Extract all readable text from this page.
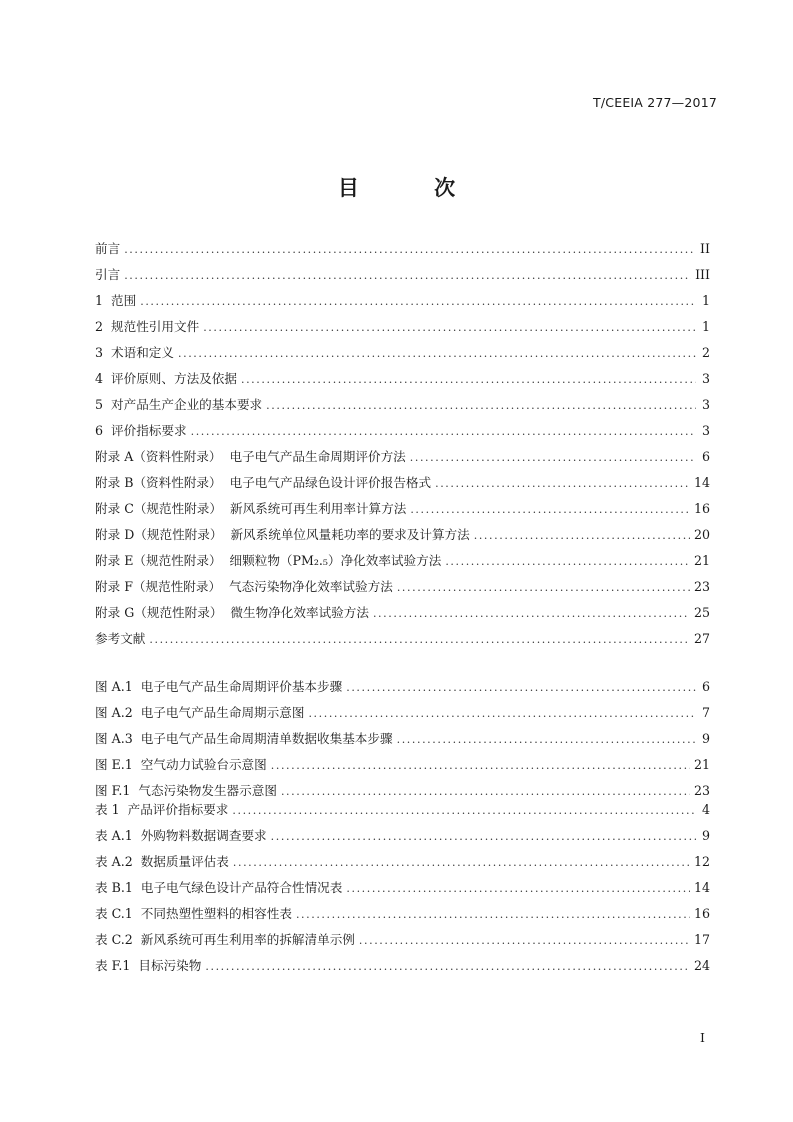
T/CEEIA 277—2017
目 次
前言 .....	II
引言 .....	III
1  范围 .....	1
2  规范性引用文件 .....	1
3  术语和定义 .....	2
4  评价原则、方法及依据 .....	3
5  对产品生产企业的基本要求 .....	3
6  评价指标要求 .....	3
附录 A（资料性附录）  电子电气产品生命周期评价方法 .....	6
附录 B（资料性附录）  电子电气产品绿色设计评价报告格式 .....	14
附录 C（规范性附录）  新风系统可再生利用率计算方法 .....	16
附录 D（规范性附录）  新风系统单位风量耗功率的要求及计算方法 .....	20
附录 E（规范性附录）  细颗粒物（PM₂.₅）净化效率试验方法 .....	21
附录 F（规范性附录）  气态污染物净化效率试验方法 .....	23
附录 G（规范性附录）  微生物净化效率试验方法 .....	25
参考文献 .....	27
图 A.1  电子电气产品生命周期评价基本步骤 .....	6
图 A.2  电子电气产品生命周期示意图 .....	7
图 A.3  电子电气产品生命周期清单数据收集基本步骤 .....	9
图 E.1  空气动力试验台示意图 .....	21
图 F.1  气态污染物发生器示意图 .....	23
表 1  产品评价指标要求 .....	4
表 A.1  外购物料数据调查要求 .....	9
表 A.2  数据质量评估表 .....	12
表 B.1  电子电气绿色设计产品符合性情况表 .....	14
表 C.1  不同热塑性塑料的相容性表 .....	16
表 C.2  新风系统可再生利用率的拆解清单示例 .....	17
表 F.1  目标污染物 .....	24
I
